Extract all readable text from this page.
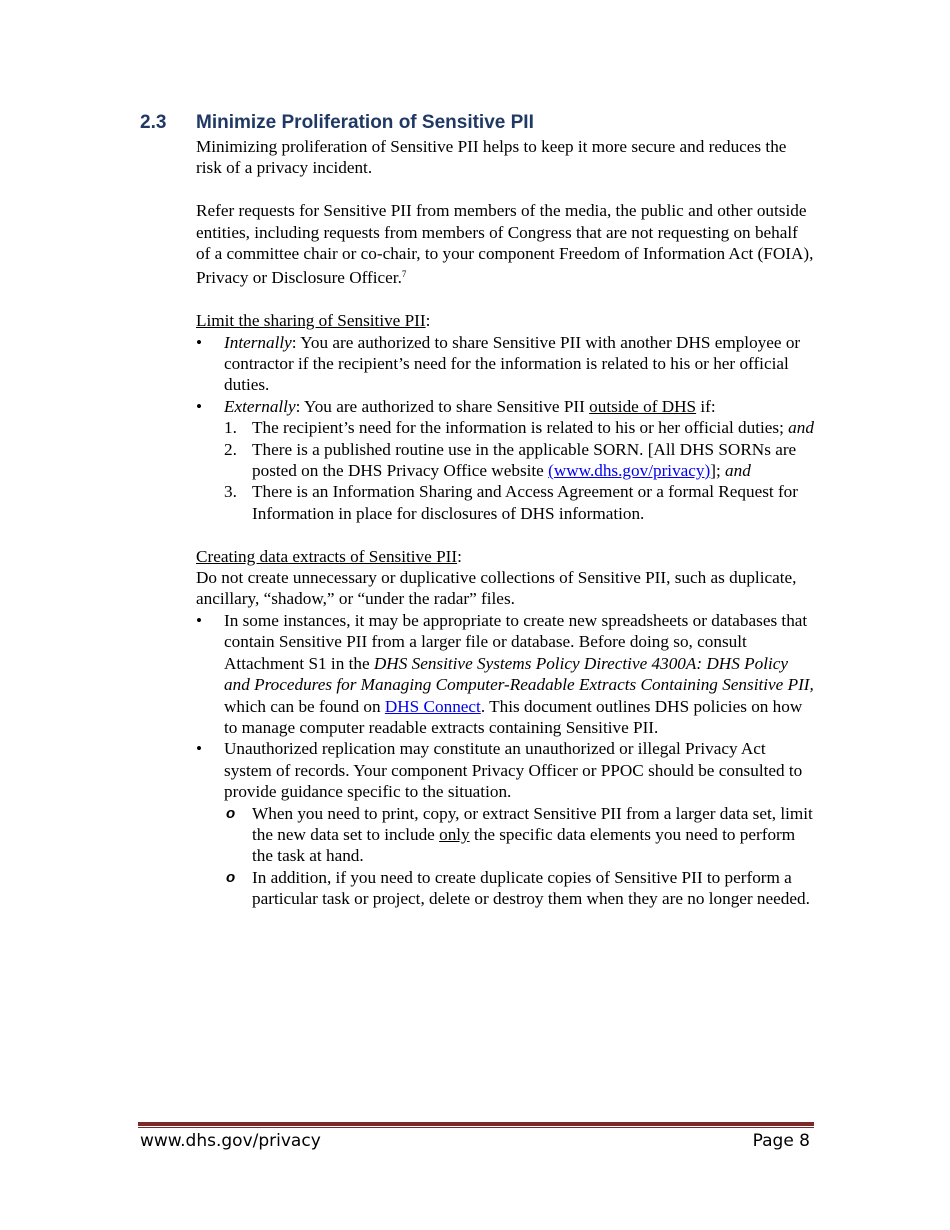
2.3 Minimize Proliferation of Sensitive PII

Minimizing proliferation of Sensitive PII helps to keep it more secure and reduces the risk of a privacy incident.

Refer requests for Sensitive PII from members of the media, the public and other outside entities, including requests from members of Congress that are not requesting on behalf of a committee chair or co-chair, to your component Freedom of Information Act (FOIA), Privacy or Disclosure Officer.$^7$

Limit the sharing of Sensitive PII:

• Internally: You are authorized to share Sensitive PII with another DHS employee or contractor if the recipient’s need for the information is related to his or her official duties.
• Externally: You are authorized to share Sensitive PII outside of DHS if:
1. The recipient’s need for the information is related to his or her official duties; and
2. There is a published routine use in the applicable SORN. [All DHS SORNs are posted on the DHS Privacy Office website (www.dhs.gov/privacy)]; and
3. There is an Information Sharing and Access Agreement or a formal Request for Information in place for disclosures of DHS information.

Creating data extracts of Sensitive PII:

Do not create unnecessary or duplicative collections of Sensitive PII, such as duplicate, ancillary, “shadow,” or “under the radar” files.

• In some instances, it may be appropriate to create new spreadsheets or databases that contain Sensitive PII from a larger file or database. Before doing so, consult Attachment S1 in the DHS Sensitive Systems Policy Directive 4300A: DHS Policy and Procedures for Managing Computer-Readable Extracts Containing Sensitive PII, which can be found on DHS Connect. This document outlines DHS policies on how to manage computer readable extracts containing Sensitive PII.
• Unauthorized replication may constitute an unauthorized or illegal Privacy Act system of records. Your component Privacy Officer or PPOC should be consulted to provide guidance specific to the situation.
o When you need to print, copy, or extract Sensitive PII from a larger data set, limit the new data set to include only the specific data elements you need to perform the task at hand.
o In addition, if you need to create duplicate copies of Sensitive PII to perform a particular task or project, delete or destroy them when they are no longer needed.
www.dhs.gov/privacy	Page 8
